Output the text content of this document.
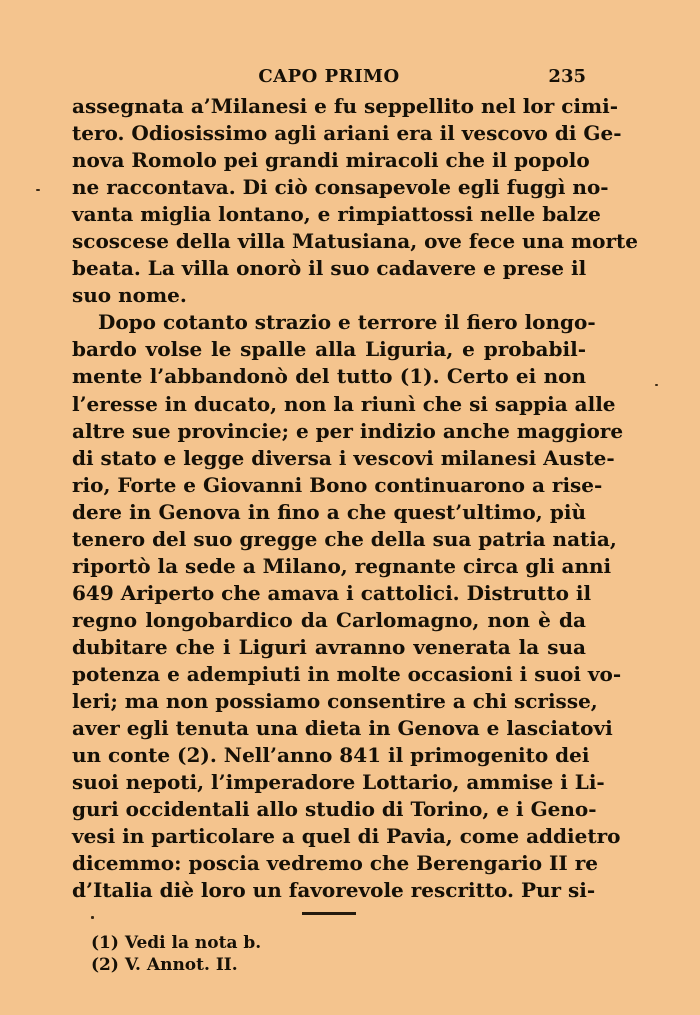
CAPO PRIMO	235
assegnata a’Milanesi e fu seppellito nel lor cimi-
tero. Odiosissimo agli ariani era il vescovo di Ge-
nova Romolo pei grandi miracoli che il popolo
ne raccontava. Di ciò consapevole egli fuggì no-
vanta miglia lontano, e rimpiattossi nelle balze
scoscese della villa Matusiana, ove fece una morte
beata. La villa onorò il suo cadavere e prese il
suo nome.
Dopo cotanto strazio e terrore il fiero longo-
bardo volse le spalle alla Liguria, e probabil-
mente l’abbandonò del tutto (1). Certo ei non
l’eresse in ducato, non la riunì che si sappia alle
altre sue provincie; e per indizio anche maggiore
di stato e legge diversa i vescovi milanesi Auste-
rio, Forte e Giovanni Bono continuarono a rise-
dere in Genova in fino a che quest’ultimo, più
tenero del suo gregge che della sua patria natia,
riportò la sede a Milano, regnante circa gli anni
649 Ariperto che amava i cattolici. Distrutto il
regno longobardico da Carlomagno, non è da
dubitare che i Liguri avranno venerata la sua
potenza e adempiuti in molte occasioni i suoi vo-
leri; ma non possiamo consentire a chi scrisse,
aver egli tenuta una dieta in Genova e lasciatovi
un conte (2). Nell’anno 841 il primogenito dei
suoi nepoti, l’imperadore Lottario, ammise i Li-
guri occidentali allo studio di Torino, e i Geno-
vesi in particolare a quel di Pavia, come addietro
dicemmo: poscia vedremo che Berengario II re
d’Italia diè loro un favorevole rescritto. Pur si-
(1) Vedi la nota b.
(2) V. Annot. II.
